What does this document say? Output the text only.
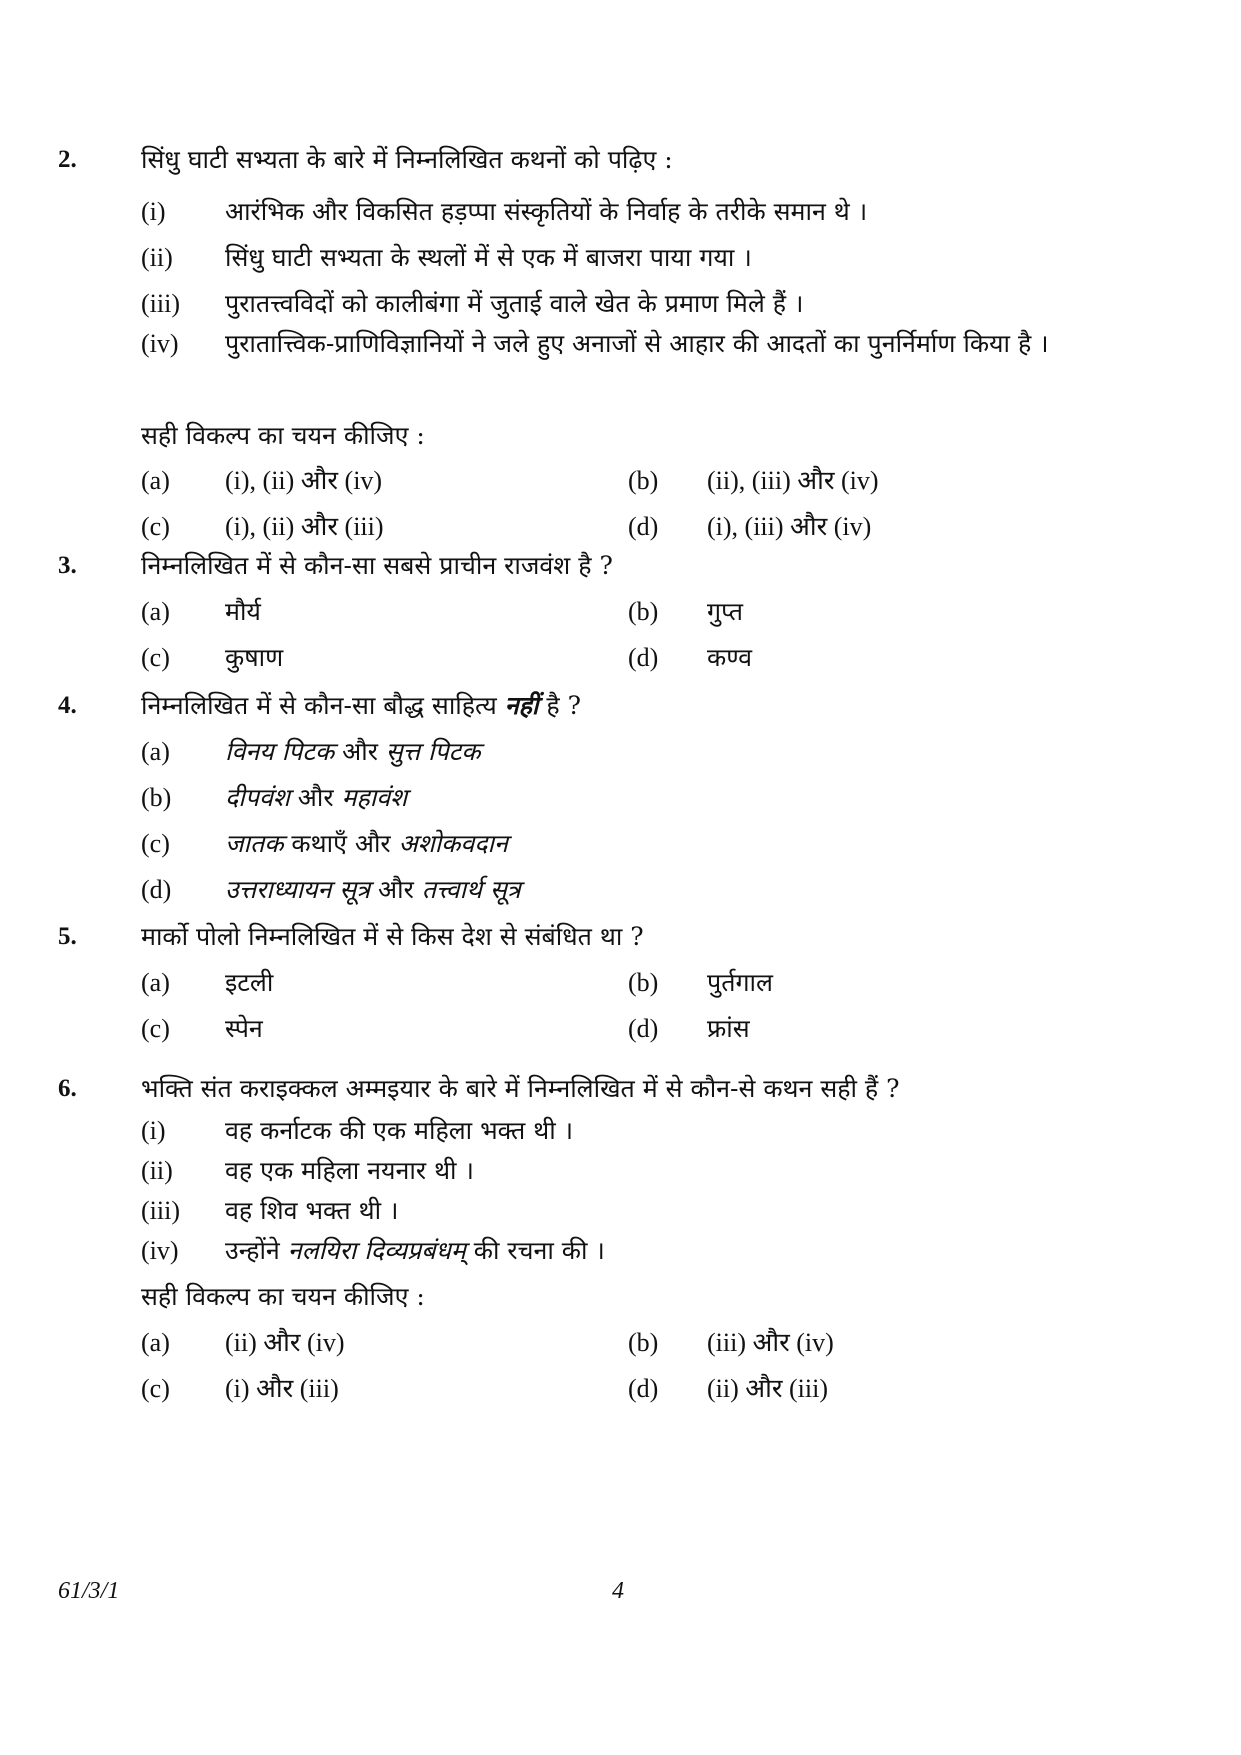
2.	सिंधु घाटी सभ्यता के बारे में निम्नलिखित कथनों को पढ़िए :
(i) आरंभिक और विकसित हड़प्पा संस्कृतियों के निर्वाह के तरीके समान थे ।
(ii) सिंधु घाटी सभ्यता के स्थलों में से एक में बाजरा पाया गया ।
(iii) पुरातत्त्वविदों को कालीबंगा में जुताई वाले खेत के प्रमाण मिले हैं ।
(iv) पुरातात्त्विक-प्राणिविज्ञानियों ने जले हुए अनाजों से आहार की आदतों का पुनर्निर्माण किया है ।
सही विकल्प का चयन कीजिए :
(a) (i), (ii) और (iv)	(b) (ii), (iii) और (iv)
(c) (i), (ii) और (iii)	(d) (i), (iii) और (iv)
3.	निम्नलिखित में से कौन-सा सबसे प्राचीन राजवंश है ?
(a) मौर्य	(b) गुप्त
(c) कुषाण	(d) कण्व
4.	निम्नलिखित में से कौन-सा बौद्ध साहित्य नहीं है ?
(a) विनय पिटक और सुत्त पिटक
(b) दीपवंश और महावंश
(c) जातक कथाएँ और अशोकवदान
(d) उत्तराध्यायन सूत्र और तत्त्वार्थ सूत्र
5.	मार्को पोलो निम्नलिखित में से किस देश से संबंधित था ?
(a) इटली	(b) पुर्तगाल
(c) स्पेन	(d) फ्रांस
6.	भक्ति संत कराइक्कल अम्मइयार के बारे में निम्नलिखित में से कौन-से कथन सही हैं ?
(i) वह कर्नाटक की एक महिला भक्त थी ।
(ii) वह एक महिला नयनार थी ।
(iii) वह शिव भक्त थी ।
(iv) उन्होंने नलयिरा दिव्यप्रबंधम् की रचना की ।
सही विकल्प का चयन कीजिए :
(a) (ii) और (iv)	(b) (iii) और (iv)
(c) (i) और (iii)	(d) (ii) और (iii)
61/3/1	4
